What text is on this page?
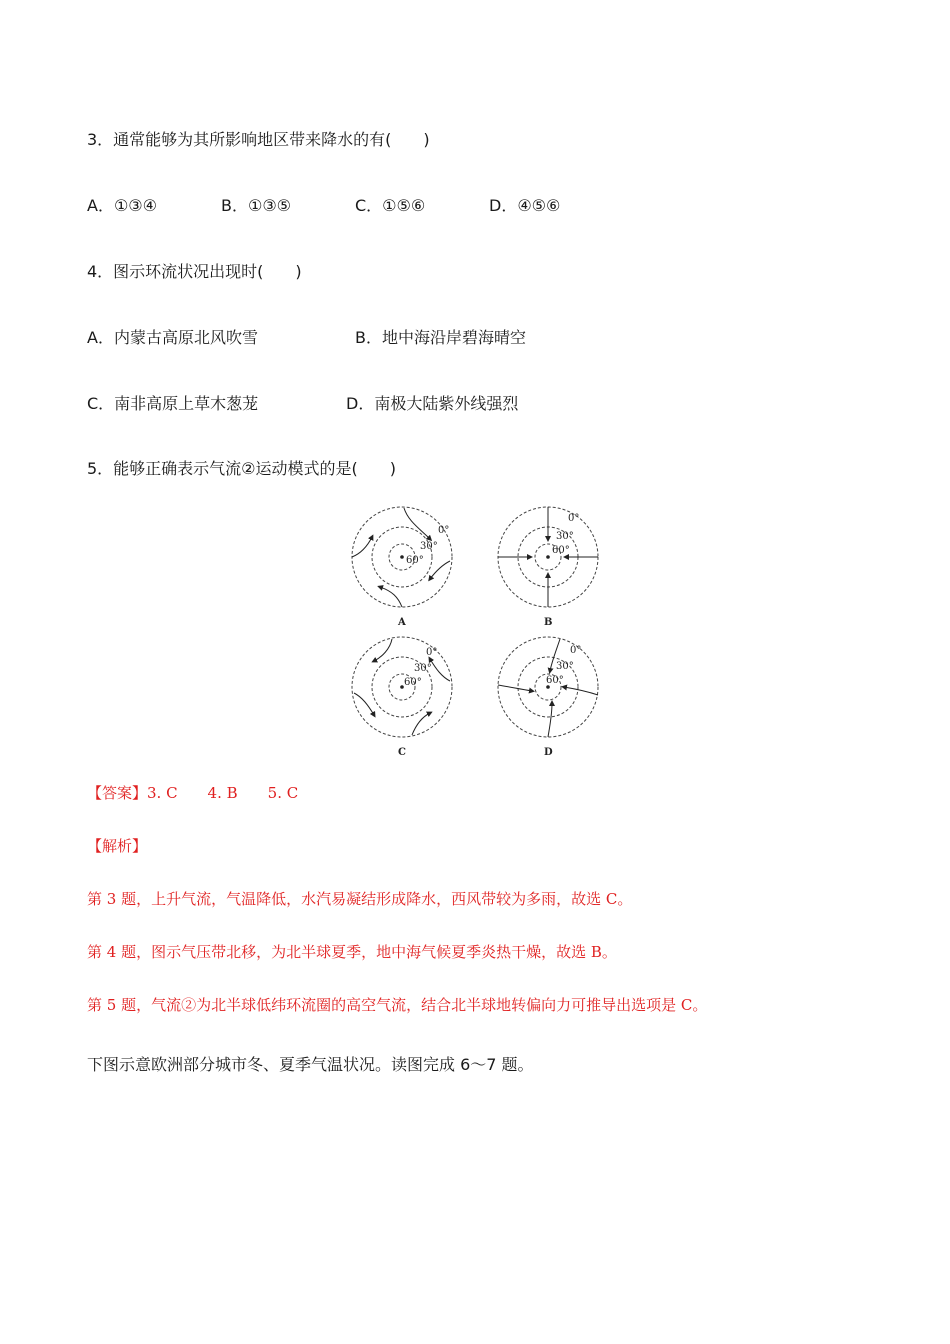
3．通常能够为其所影响地区带来降水的有(　　)
A．①③④	B．①③⑤	C．①⑤⑥	D．④⑤⑥
4．图示环流状况出现时(　　)
A．内蒙古高原北风吹雪	B．地中海沿岸碧海晴空
C．南非高原上草木葱茏	D．南极大陆紫外线强烈
5．能够正确表示气流②运动模式的是(　　)
0°
30°
60°
A
0°
30°
60°
B
0°
30°
60°
C
0°
30°
60°
D
【答案】3. C　　4. B　　5. C
【解析】
第 3 题，上升气流，气温降低，水汽易凝结形成降水，西风带较为多雨，故选 C。
第 4 题，图示气压带北移，为北半球夏季，地中海气候夏季炎热干燥，故选 B。
第 5 题，气流②为北半球低纬环流圈的高空气流，结合北半球地转偏向力可推导出选项是 C。
下图示意欧洲部分城市冬、夏季气温状况。读图完成 6～7 题。
